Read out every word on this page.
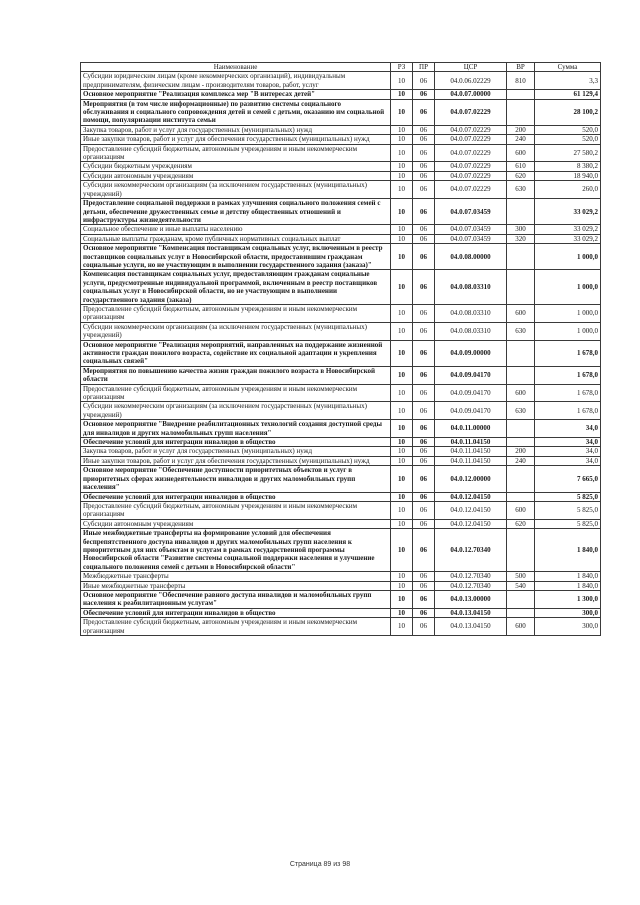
Наименование	РЗ	ПР	ЦСР	ВР	Сумма
Субсидии юридическим лицам (кроме некоммерческих организаций), индивидуальным предпринимателям, физическим лицам - производителям товаров, работ, услуг	10	06	04.0.06.02229	810	3,3
Основное мероприятие "Реализация комплекса мер "В интересах детей"	10	06	04.0.07.00000		61 129,4
Мероприятия (в том числе информационные) по развитию системы социального обслуживания и социального сопровождения детей и семей с детьми, оказанию им социальной помощи, популяризации института семьи	10	06	04.0.07.02229		28 100,2
Закупка товаров, работ и услуг для государственных (муниципальных) нужд	10	06	04.0.07.02229	200	520,0
Иные закупки товаров, работ и услуг для обеспечения государственных (муниципальных) нужд	10	06	04.0.07.02229	240	520,0
Предоставление субсидий бюджетным, автономным учреждениям и иным некоммерческим организациям	10	06	04.0.07.02229	600	27 580,2
Субсидии бюджетным учреждениям	10	06	04.0.07.02229	610	8 380,2
Субсидии автономным учреждениям	10	06	04.0.07.02229	620	18 940,0
Субсидии некоммерческим организациям (за исключением государственных (муниципальных) учреждений)	10	06	04.0.07.02229	630	260,0
Предоставление социальной поддержки в рамках улучшения социального положения семей с детьми, обеспечение дружественных семье и детству общественных отношений и инфраструктуры жизнедеятельности	10	06	04.0.07.03459		33 029,2
Социальное обеспечение и иные выплаты населению	10	06	04.0.07.03459	300	33 029,2
Социальные выплаты гражданам, кроме публичных нормативных социальных выплат	10	06	04.0.07.03459	320	33 029,2
Основное мероприятие "Компенсация поставщикам социальных услуг, включенным в реестр поставщиков социальных услуг в Новосибирской области, предоставившим гражданам социальные услуги, но не участвующим в выполнении государственного задания (заказа)"	10	06	04.0.08.00000		1 000,0
Компенсация поставщикам социальных услуг, предоставляющим гражданам социальные услуги, предусмотренные индивидуальной программой, включенным в реестр поставщиков социальных услуг в Новосибирской области, но не участвующим в выполнении государственного задания (заказа)	10	06	04.0.08.03310		1 000,0
Предоставление субсидий бюджетным, автономным учреждениям и иным некоммерческим организациям	10	06	04.0.08.03310	600	1 000,0
Субсидии некоммерческим организациям (за исключением государственных (муниципальных) учреждений)	10	06	04.0.08.03310	630	1 000,0
Основное мероприятие "Реализация мероприятий, направленных на поддержание жизненной активности граждан пожилого возраста, содействие их социальной адаптации и укрепления социальных связей"	10	06	04.0.09.00000		1 678,0
Мероприятия по повышению качества жизни граждан пожилого возраста в Новосибирской области	10	06	04.0.09.04170		1 678,0
Предоставление субсидий бюджетным, автономным учреждениям и иным некоммерческим организациям	10	06	04.0.09.04170	600	1 678,0
Субсидии некоммерческим организациям (за исключением государственных (муниципальных) учреждений)	10	06	04.0.09.04170	630	1 678,0
Основное мероприятие "Внедрение реабилитационных технологий создания доступной среды для инвалидов и других маломобильных групп населения"	10	06	04.0.11.00000		34,0
Обеспечение условий для интеграции инвалидов в общество	10	06	04.0.11.04150		34,0
Закупка товаров, работ и услуг для государственных (муниципальных) нужд	10	06	04.0.11.04150	200	34,0
Иные закупки товаров, работ и услуг для обеспечения государственных (муниципальных) нужд	10	06	04.0.11.04150	240	34,0
Основное мероприятие "Обеспечение доступности приоритетных объектов и услуг в приоритетных сферах жизнедеятельности инвалидов и других маломобильных групп населения"	10	06	04.0.12.00000		7 665,0
Обеспечение условий для интеграции инвалидов в общество	10	06	04.0.12.04150		5 825,0
Предоставление субсидий бюджетным, автономным учреждениям и иным некоммерческим организациям	10	06	04.0.12.04150	600	5 825,0
Субсидии автономным учреждениям	10	06	04.0.12.04150	620	5 825,0
Иные межбюджетные трансферты на формирование условий для обеспечения беспрепятственного доступа инвалидов и других маломобильных групп населения к приоритетным для них объектам и услугам в рамках государственной программы Новосибирской области "Развитие системы социальной поддержки населения и улучшение социального положения семей с детьми в Новосибирской области"	10	06	04.0.12.70340		1 840,0
Межбюджетные трансферты	10	06	04.0.12.70340	500	1 840,0
Иные межбюджетные трансферты	10	06	04.0.12.70340	540	1 840,0
Основное мероприятие "Обеспечение равного доступа инвалидов и маломобильных групп населения к реабилитационным услугам"	10	06	04.0.13.00000		1 300,0
Обеспечение условий для интеграции инвалидов в общество	10	06	04.0.13.04150		300,0
Предоставление субсидий бюджетным, автономным учреждениям и иным некоммерческим организациям	10	06	04.0.13.04150	600	300,0
Страница 89 из 98
